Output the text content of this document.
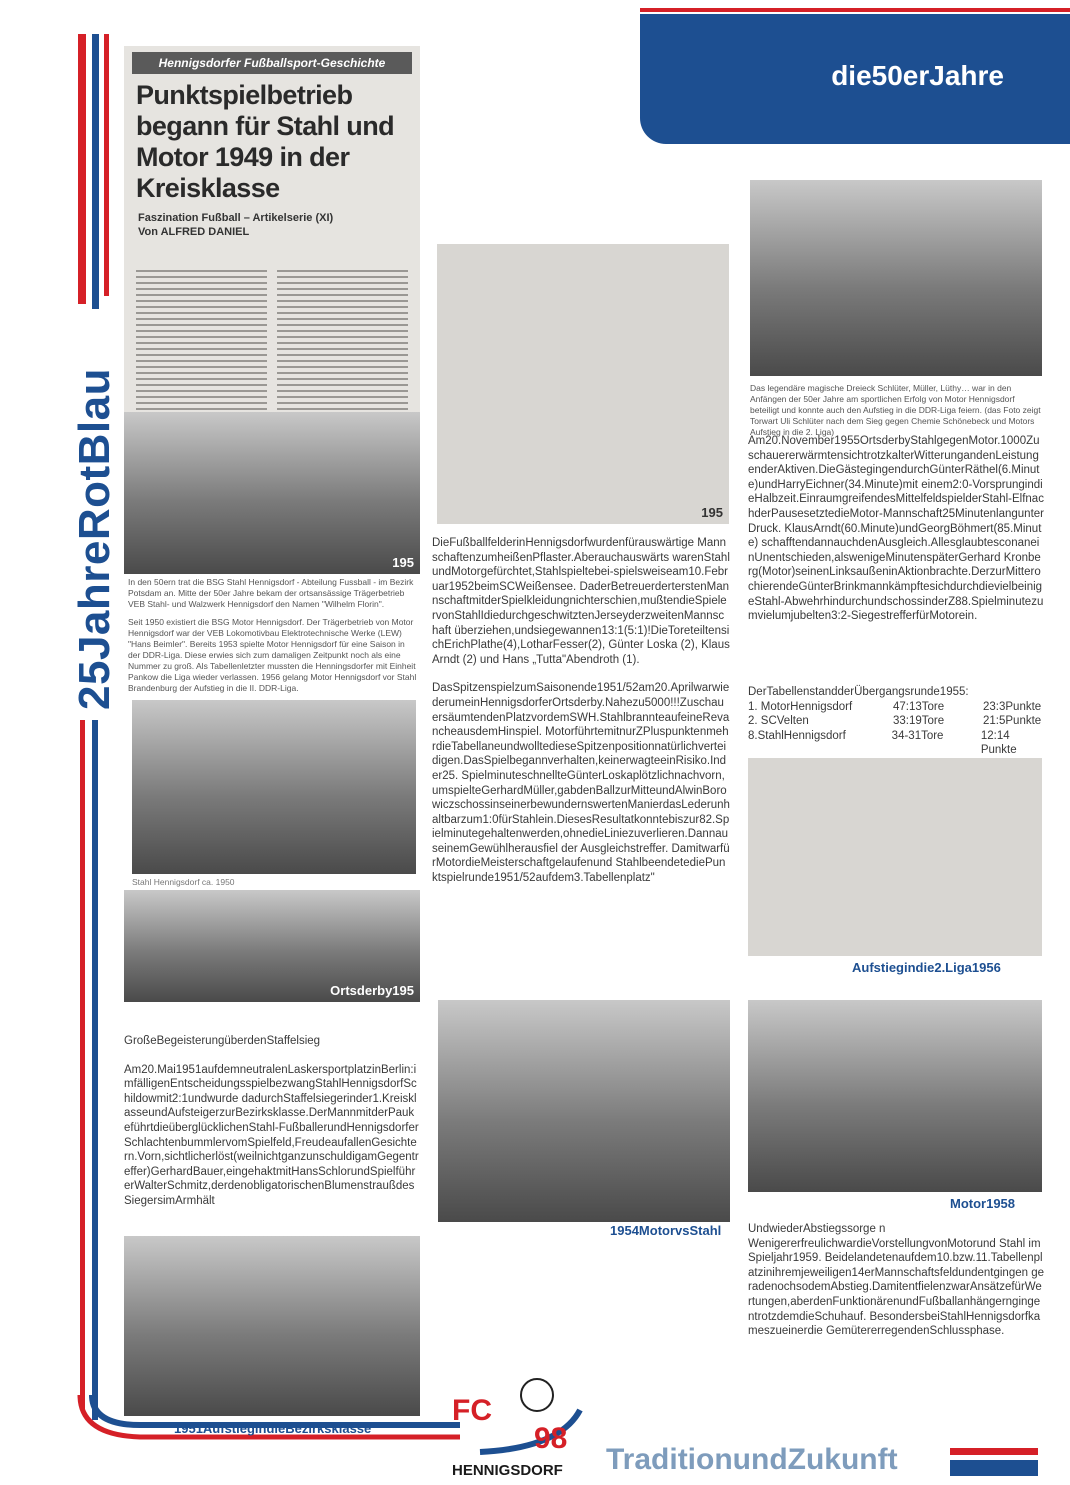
25JahreRotBlau
die50erJahre
Hennigsdorfer Fußballsport-Geschichte
Punktspielbetrieb begann für Stahl und Motor 1949 in der Kreisklasse
Faszination Fußball – Artikelserie (XI)
Von ALFRED DANIEL
195
In den 50ern trat die BSG Stahl Hennigsdorf - Abteilung Fussball - im Bezirk Potsdam an. Mitte der 50er Jahre bekam der ortsansässige Trägerbetrieb VEB Stahl- und Walzwerk Hennigsdorf den Namen "Wilhelm Florin".
Seit 1950 existiert die BSG Motor Hennigsdorf. Der Trägerbetrieb von Motor Hennigsdorf war der VEB Lokomotivbau Elektrotechnische Werke (LEW) "Hans Beimler". Bereits 1953 spielte Motor Hennigsdorf für eine Saison in der DDR-Liga. Diese erwies sich zum damaligen Zeitpunkt noch als eine Nummer zu groß. Als Tabellenletzter mussten die Henningsdorfer mit Einheit Pankow die Liga wieder verlassen. 1956 gelang Motor Hennigsdorf vor Stahl Brandenburg der Aufstieg in die II. DDR-Liga.
Stahl Hennigsdorf ca. 1950
Ortsderby195
195

DieFußballfelderinHennigsdorfwurdenfürauswärtige MannschaftenzumheißenPflaster.Aberauchauswärts warenStahlundMotorgefürchtet,Stahlspieltebei-spielsweiseam10.Februar1952beimSCWeißensee. DaderBetreuerderterstenMannschaftmitderSpielkleidungnichterschien,mußtendieSpielervonStahlIdiedurchgeschwitztenJerseyderzweitenMannschaft überziehen,undsiegewannen13:1(5:1)!DieToreteiltensichErichPlathe(4),LotharFesser(2), Günter Loska (2), Klaus Arndt (2) und Hans „Tutta"Abendroth (1).

DasSpitzenspielzumSaisonende1951/52am20.AprilwarwiederumeinHennigsdorferOrtsderby.Nahezu5000!!!ZuschauersäumtendenPlatzvordemSWH.StahlbranntеaufeineRevancheausdemHinspiel. MotorführtemitnurZPluspunktenmehrdieTabellaneundwolltedieseSpitzenpositionnatürlichverteidigen.DasSpielbegannverhalten,keinerwagteeinRisiko.Inder25. SpielminuteschnellteGünterLoskaplötzlichnachvorn, umspielteGerhardMüller,gabdenBallzurMitteundAlwinBorowiczschossinseinerbewundernswertenManierdasLederunhaltbarzum1:0fürStahlein.DiesesResultatkonntebiszur82.Spielminutegehaltenwerden,ohnedieLiniezuverlieren.DannauseinemGewühlherausfiel der Ausgleichstreffer. DamitwarfürMotordieMeisterschaftgelaufenund StahlbeendetediePunktspielrunde1951/52aufdem3.Tabellenplatz"

Das legendäre magische Dreieck Schlüter, Müller, Lüthy… war in den Anfängen der 50er Jahre am sportlichen Erfolg von Motor Hennigsdorf beteiligt und konnte auch den Aufstieg in die DDR-Liga feiern. (das Foto zeigt Torwart Uli Schlüter nach dem Sieg gegen Chemie Schönebeck und Motors Aufstieg in die 2. Liga)
Am20.November1955OrtsderbyStahlgegenMotor.1000ZuschauererwärmtensichtrotzkalterWitterungandenLeistungenderAktiven.DieGästegingendurchGünterRäthel(6.Minute)undHarryEichner(34.Minute)mit einem2:0-VorsprungindieHalbzeit.EinraumgreifendesMittelfeldspielderStahl-ElfnachderPausesetztedieMotor-Mannschaft25MinutenlangunterDruck. KlausArndt(60.Minute)undGeorgBöhmert(85.Minute) schafftendannauchdenAusgleich.AllesglaubtesconaneinUnentschieden,alswenigeMinutenspäterGerhard Kronberg(Motor)seinenLinksaußeninAktionbrachte.DerzurMitterochierendeGünterBrinkmannkämpftesichdurchdievielbeinigeStahl-AbwehrhindurchundschossinderZ88.Spielminutezumvielumjubelten3:2-SiegestrefferfürMotorein.
DerTabellenstandderÜbergangsrunde1955:
1. MotorHennigsdorf	47:13Tore	23:3Punkte
2. SCVelten	33:19Tore	21:5Punkte
8.StahlHennigsdorf	34-31Tore	12:14 Punkte
Aufstiegindie2.Liga1956

GroßeBegeisterungüberdenStaffelsieg

Am20.Mai1951aufdemneutralenLaskersportplatzinBerlin:imfälligenEntscheidungsspielbezwangStahlHennigsdorfSchildowmit2:1undwurde dadurchStaffelsiegerinder1.KreisklasseundAufsteigerzurBezirksklasse.DerMannmitderPaukeführtdieüberglücklichenStahl-FußballerundHennigsdorferSchlachtenbummlervomSpielfeld,FreudeaufallenGesichtern.Vorn,sichtlicherlöst(weilnichtganzunschuldigamGegentreffer)GerhardBauer,eingehaktmitHansSchlorundSpielführerWalterSchmitz,derdenobligatorischenBlumenstraußdesSiegersimArmhält

1951AufstiegindieBezirksklasse
1954MotorvsStahl
Motor1958

UndwiederAbstiegssorge n

WenigererfreulichwardieVorstellungvonMotorund Stahl im Spieljahr1959. Beidelandetenaufdem10.bzw.11.Tabellenplatzinihremjeweiligen14erMannschaftsfeldundentgingen geradenochsodemAbstieg.DamitentfielenzwarAnsätzefürWertungen,aberdenFunktionärenundFußballanhängerngingentrotzdemdieSchuhauf. BesondersbeiStahlHennigsdorfkameszueinerdie GemütererregendenSchlussphase.

FC
98
HENNIGSDORF TraditionundZukunft
